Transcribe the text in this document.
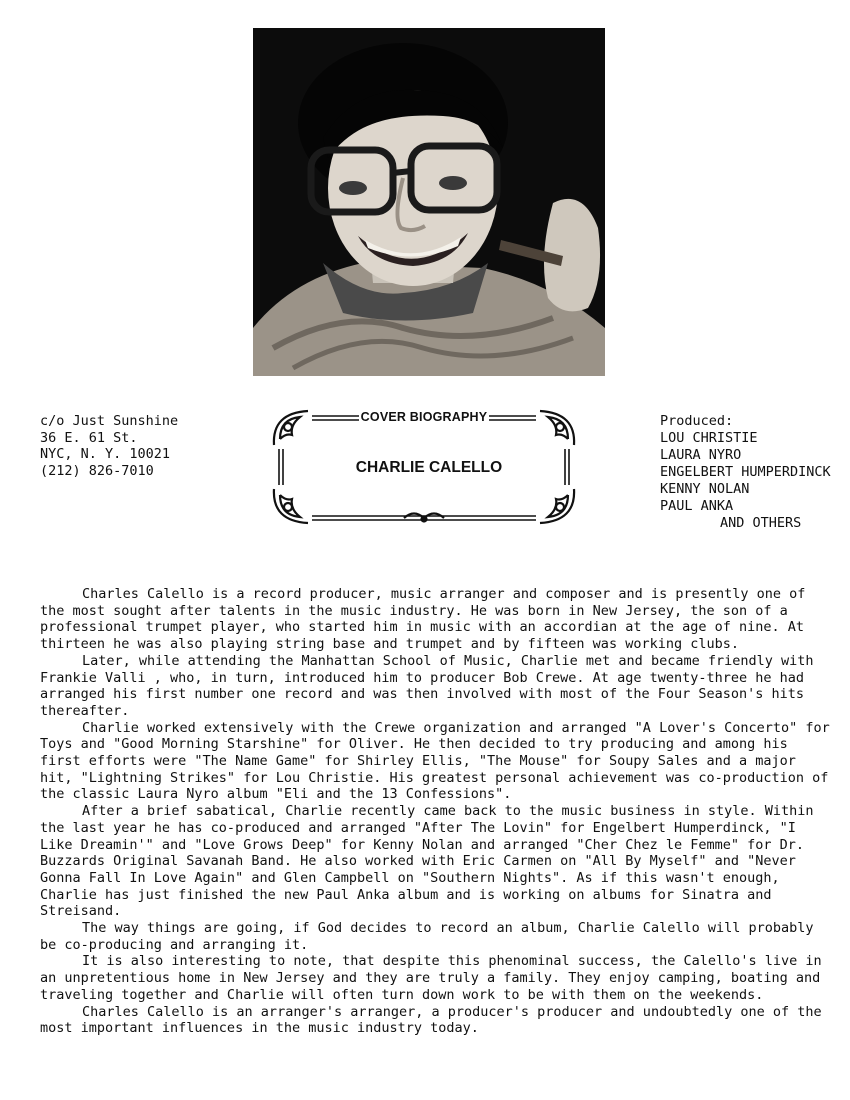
c/o Just Sunshine
36 E. 61 St.
NYC, N. Y. 10021
(212) 826-7010
COVER BIOGRAPHY
CHARLIE CALELLO
Produced:
LOU CHRISTIE
LAURA NYRO
ENGELBERT HUMPERDINCK
KENNY NOLAN
PAUL ANKA
AND OTHERS

Charles Calello is a record producer, music arranger and composer and is presently one of the most sought after talents in the music industry. He was born in New Jersey, the son of a professional trumpet player, who started him in music with an accordian at the age of nine. At thirteen he was also playing string base and trumpet and by fifteen was working clubs.

Later, while attending the Manhattan School of Music, Charlie met and became friendly with Frankie Valli , who, in turn, introduced him to producer Bob Crewe. At age twenty-three he had arranged his first number one record and was then involved with most of the Four Season's hits thereafter.

Charlie worked extensively with the Crewe organization and arranged "A Lover's Concerto" for Toys and "Good Morning Starshine" for Oliver. He then decided to try producing and among his first efforts were "The Name Game" for Shirley Ellis, "The Mouse" for Soupy Sales and a major hit, "Lightning Strikes" for Lou Christie. His greatest personal achievement was co-production of the classic Laura Nyro album "Eli and the 13 Confessions".

After a brief sabatical, Charlie recently came back to the music business in style. Within the last year he has co-produced and arranged "After The Lovin" for Engelbert Humperdinck, "I Like Dreamin'" and "Love Grows Deep" for Kenny Nolan and arranged "Cher Chez le Femme" for Dr. Buzzards Original Savanah Band. He also worked with Eric Carmen on "All By Myself" and "Never Gonna Fall In Love Again" and Glen Campbell on "Southern Nights". As if this wasn't enough, Charlie has just finished the new Paul Anka album and is working on albums for Sinatra and Streisand.

The way things are going, if God decides to record an album, Charlie Calello will probably be co-producing and arranging it.

It is also interesting to note, that despite this phenominal success, the Calello's live in an unpretentious home in New Jersey and they are truly a family. They enjoy camping, boating and traveling together and Charlie will often turn down work to be with them on the weekends.

Charles Calello is an arranger's arranger, a producer's producer and undoubtedly one of the most important influences in the music industry today.
